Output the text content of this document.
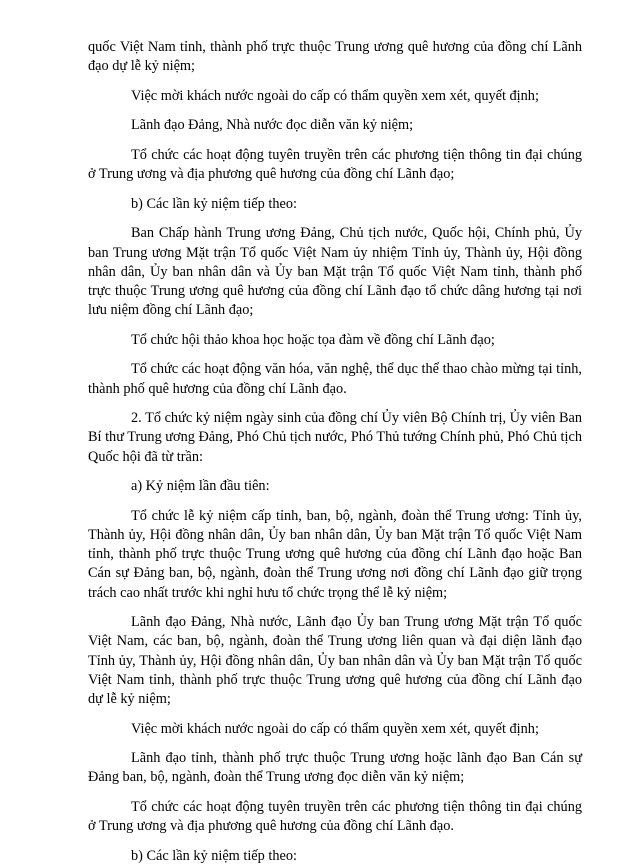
quốc Việt Nam tỉnh, thành phố trực thuộc Trung ương quê hương của đồng chí Lãnh đạo dự lễ kỷ niệm;

Việc mời khách nước ngoài do cấp có thẩm quyền xem xét, quyết định;

Lãnh đạo Đảng, Nhà nước đọc diễn văn kỷ niệm;

Tổ chức các hoạt động tuyên truyền trên các phương tiện thông tin đại chúng ở Trung ương và địa phương quê hương của đồng chí Lãnh đạo;

b) Các lần kỷ niệm tiếp theo:

Ban Chấp hành Trung ương Đảng, Chủ tịch nước, Quốc hội, Chính phủ, Ủy ban Trung ương Mặt trận Tổ quốc Việt Nam ủy nhiệm Tỉnh ủy, Thành ủy, Hội đồng nhân dân, Ủy ban nhân dân và Ủy ban Mặt trận Tổ quốc Việt Nam tỉnh, thành phố trực thuộc Trung ương quê hương của đồng chí Lãnh đạo tổ chức dâng hương tại nơi lưu niệm đồng chí Lãnh đạo;

Tổ chức hội thảo khoa học hoặc tọa đàm về đồng chí Lãnh đạo;

Tổ chức các hoạt động văn hóa, văn nghệ, thể dục thể thao chào mừng tại tỉnh, thành phố quê hương của đồng chí Lãnh đạo.

2. Tổ chức kỷ niệm ngày sinh của đồng chí Ủy viên Bộ Chính trị, Ủy viên Ban Bí thư Trung ương Đảng, Phó Chủ tịch nước, Phó Thủ tướng Chính phủ, Phó Chủ tịch Quốc hội đã từ trần:

a) Kỷ niệm lần đầu tiên:

Tổ chức lễ kỷ niệm cấp tỉnh, ban, bộ, ngành, đoàn thể Trung ương: Tỉnh ủy, Thành ủy, Hội đồng nhân dân, Ủy ban nhân dân, Ủy ban Mặt trận Tổ quốc Việt Nam tỉnh, thành phố trực thuộc Trung ương quê hương của đồng chí Lãnh đạo hoặc Ban Cán sự Đảng ban, bộ, ngành, đoàn thể Trung ương nơi đồng chí Lãnh đạo giữ trọng trách cao nhất trước khi nghỉ hưu tổ chức trọng thể lễ kỷ niệm;

Lãnh đạo Đảng, Nhà nước, Lãnh đạo Ủy ban Trung ương Mặt trận Tổ quốc Việt Nam, các ban, bộ, ngành, đoàn thể Trung ương liên quan và đại diện lãnh đạo Tỉnh ủy, Thành ủy, Hội đồng nhân dân, Ủy ban nhân dân và Ủy ban Mặt trận Tổ quốc Việt Nam tỉnh, thành phố trực thuộc Trung ương quê hương của đồng chí Lãnh đạo dự lễ kỷ niệm;

Việc mời khách nước ngoài do cấp có thẩm quyền xem xét, quyết định;

Lãnh đạo tỉnh, thành phố trực thuộc Trung ương hoặc lãnh đạo Ban Cán sự Đảng ban, bộ, ngành, đoàn thể Trung ương đọc diễn văn kỷ niệm;

Tổ chức các hoạt động tuyên truyền trên các phương tiện thông tin đại chúng ở Trung ương và địa phương quê hương của đồng chí Lãnh đạo.

b) Các lần kỷ niệm tiếp theo:
